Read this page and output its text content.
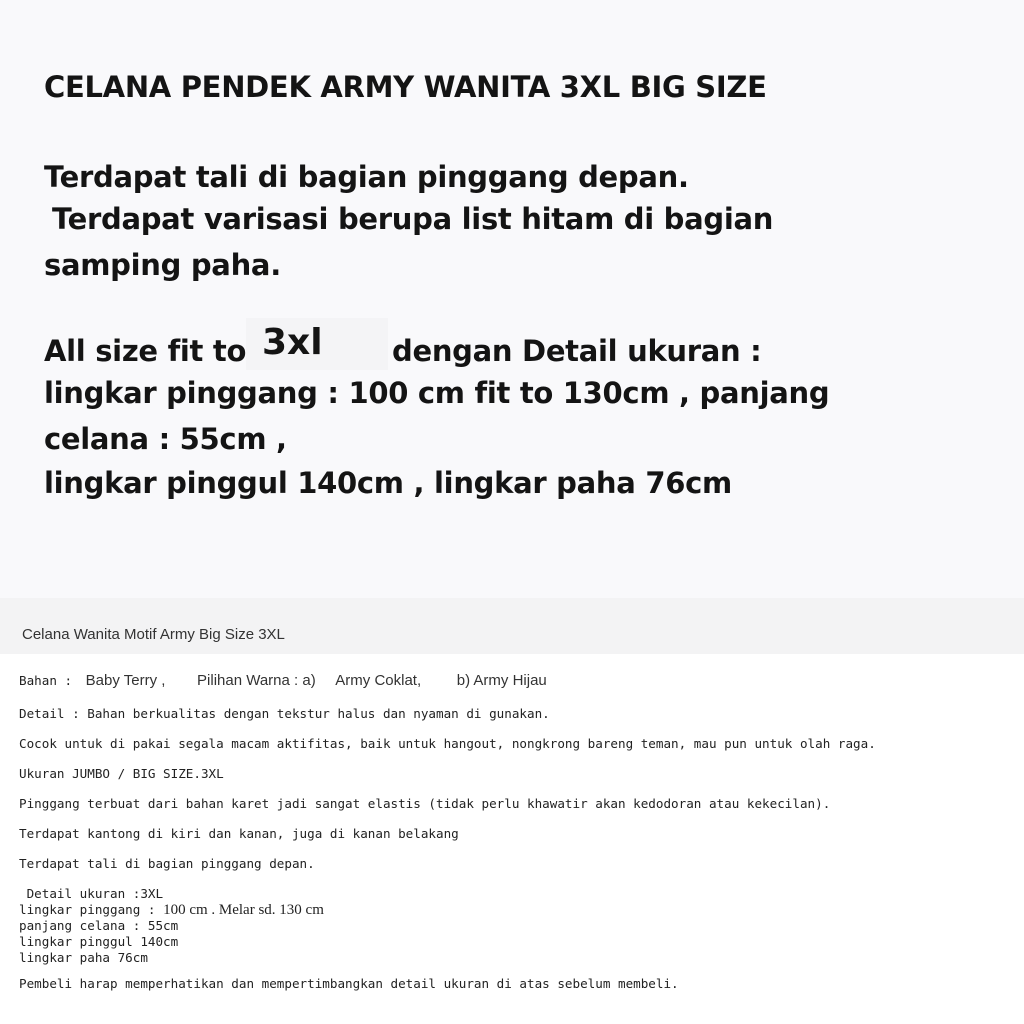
CELANA PENDEK ARMY WANITA 3XL BIG SIZE
Terdapat tali di bagian pinggang depan.
Terdapat varisasi berupa list hitam di bagian
samping paha.
All size fit to 3xl dengan Detail ukuran :
lingkar pinggang : 100 cm fit to 130cm , panjang
celana : 55cm ,
lingkar pinggul 140cm , lingkar paha 76cm
Celana Wanita Motif Army Big Size 3XL
Bahan : Baby Terry , Pilihan Warna : a) Army Coklat, b) Army Hijau
Detail : Bahan berkualitas dengan tekstur halus dan nyaman di gunakan.
Cocok untuk di pakai segala macam aktifitas, baik untuk hangout, nongkrong bareng teman, mau pun untuk olah raga.
Ukuran JUMBO / BIG SIZE.3XL
Pinggang terbuat dari bahan karet jadi sangat elastis (tidak perlu khawatir akan kedodoran atau kekecilan).
Terdapat kantong di kiri dan kanan, juga di kanan belakang
Terdapat tali di bagian pinggang depan.
Detail ukuran :3XL
lingkar pinggang : 100 cm . Melar sd. 130 cm
panjang celana : 55cm
lingkar pinggul 140cm
lingkar paha 76cm
Pembeli harap memperhatikan dan mempertimbangkan detail ukuran di atas sebelum membeli.
